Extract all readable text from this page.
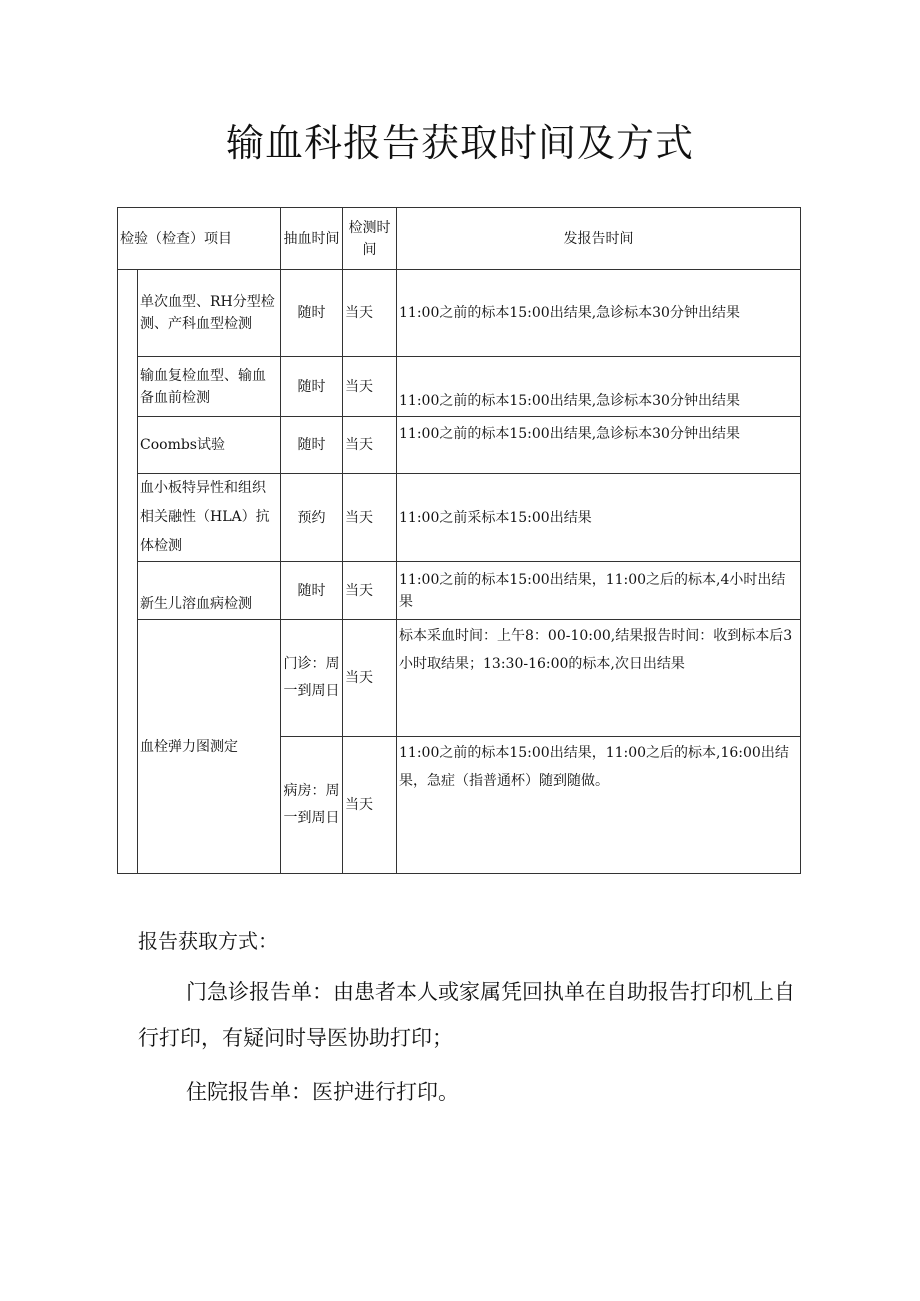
输血科报告获取时间及方式
检验（检查）项目		抽血时间	检测时间	发报告时间
	单次血型、RH分型检测、产科血型检测	随时	当天	11:00之前的标本15:00出结果,急诊标本30分钟出结果
	输血复检血型、输血备血前检测	随时	当天	11:00之前的标本15:00出结果,急诊标本30分钟出结果
	Coombs试验	随时	当天	11:00之前的标本15:00出结果,急诊标本30分钟出结果
	血小板特异性和组织相关融性（HLA）抗体检测	预约	当天	11:00之前采标本15:00出结果
	新生儿溶血病检测	随时	当天	11:00之前的标本15:00出结果，11:00之后的标本,4小时出结果
	血栓弹力图测定	门诊：周一到周日	当天	标本采血时间：上午8：00-10:00,结果报告时间：收到标本后3小时取结果；13:30-16:00的标本,次日出结果
		病房：周一到周日	当天	11:00之前的标本15:00出结果，11:00之后的标本,16:00出结果，急症（指普通杯）随到随做。

报告获取方式：

门急诊报告单：由患者本人或家属凭回执单在自助报告打印机上自行打印，有疑问时导医协助打印；

住院报告单：医护进行打印。
